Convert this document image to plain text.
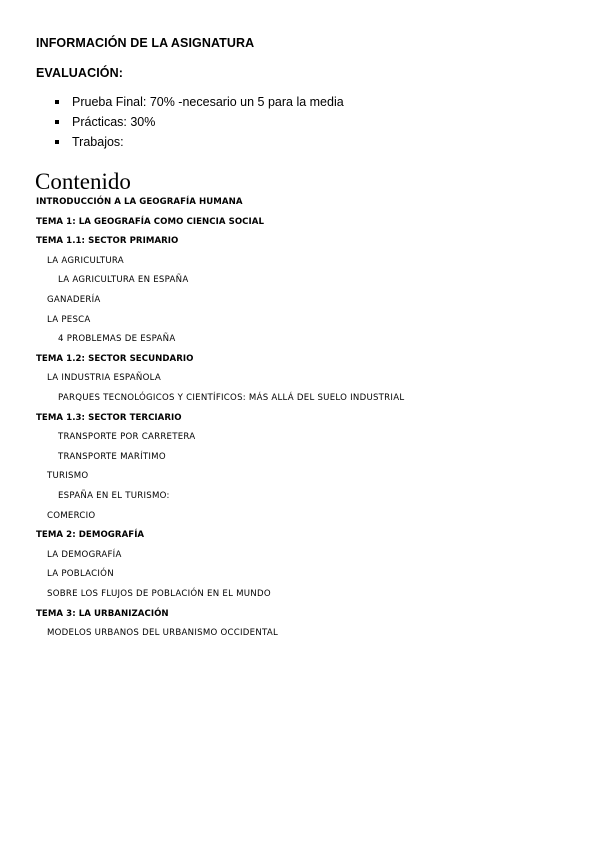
INFORMACIÓN DE LA ASIGNATURA
EVALUACIÓN:
Prueba Final: 70% -necesario un 5 para la media
Prácticas: 30%
Trabajos:
Contenido
INTRODUCCIÓN A LA GEOGRAFÍA HUMANA
TEMA 1: LA GEOGRAFÍA COMO CIENCIA SOCIAL
TEMA 1.1: SECTOR PRIMARIO
LA AGRICULTURA
LA AGRICULTURA EN ESPAÑA
GANADERÍA
LA PESCA
4 PROBLEMAS DE ESPAÑA
TEMA 1.2: SECTOR SECUNDARIO
LA INDUSTRIA ESPAÑOLA
PARQUES TECNOLÓGICOS Y CIENTÍFICOS: MÁS ALLÁ DEL SUELO INDUSTRIAL
TEMA 1.3: SECTOR TERCIARIO
TRANSPORTE POR CARRETERA
TRANSPORTE MARÍTIMO
TURISMO
ESPAÑA EN EL TURISMO:
COMERCIO
TEMA 2: DEMOGRAFÍA
LA DEMOGRAFÍA
LA POBLACIÓN
SOBRE LOS FLUJOS DE POBLACIÓN EN EL MUNDO
TEMA 3: LA URBANIZACIÓN
MODELOS URBANOS DEL URBANISMO OCCIDENTAL
